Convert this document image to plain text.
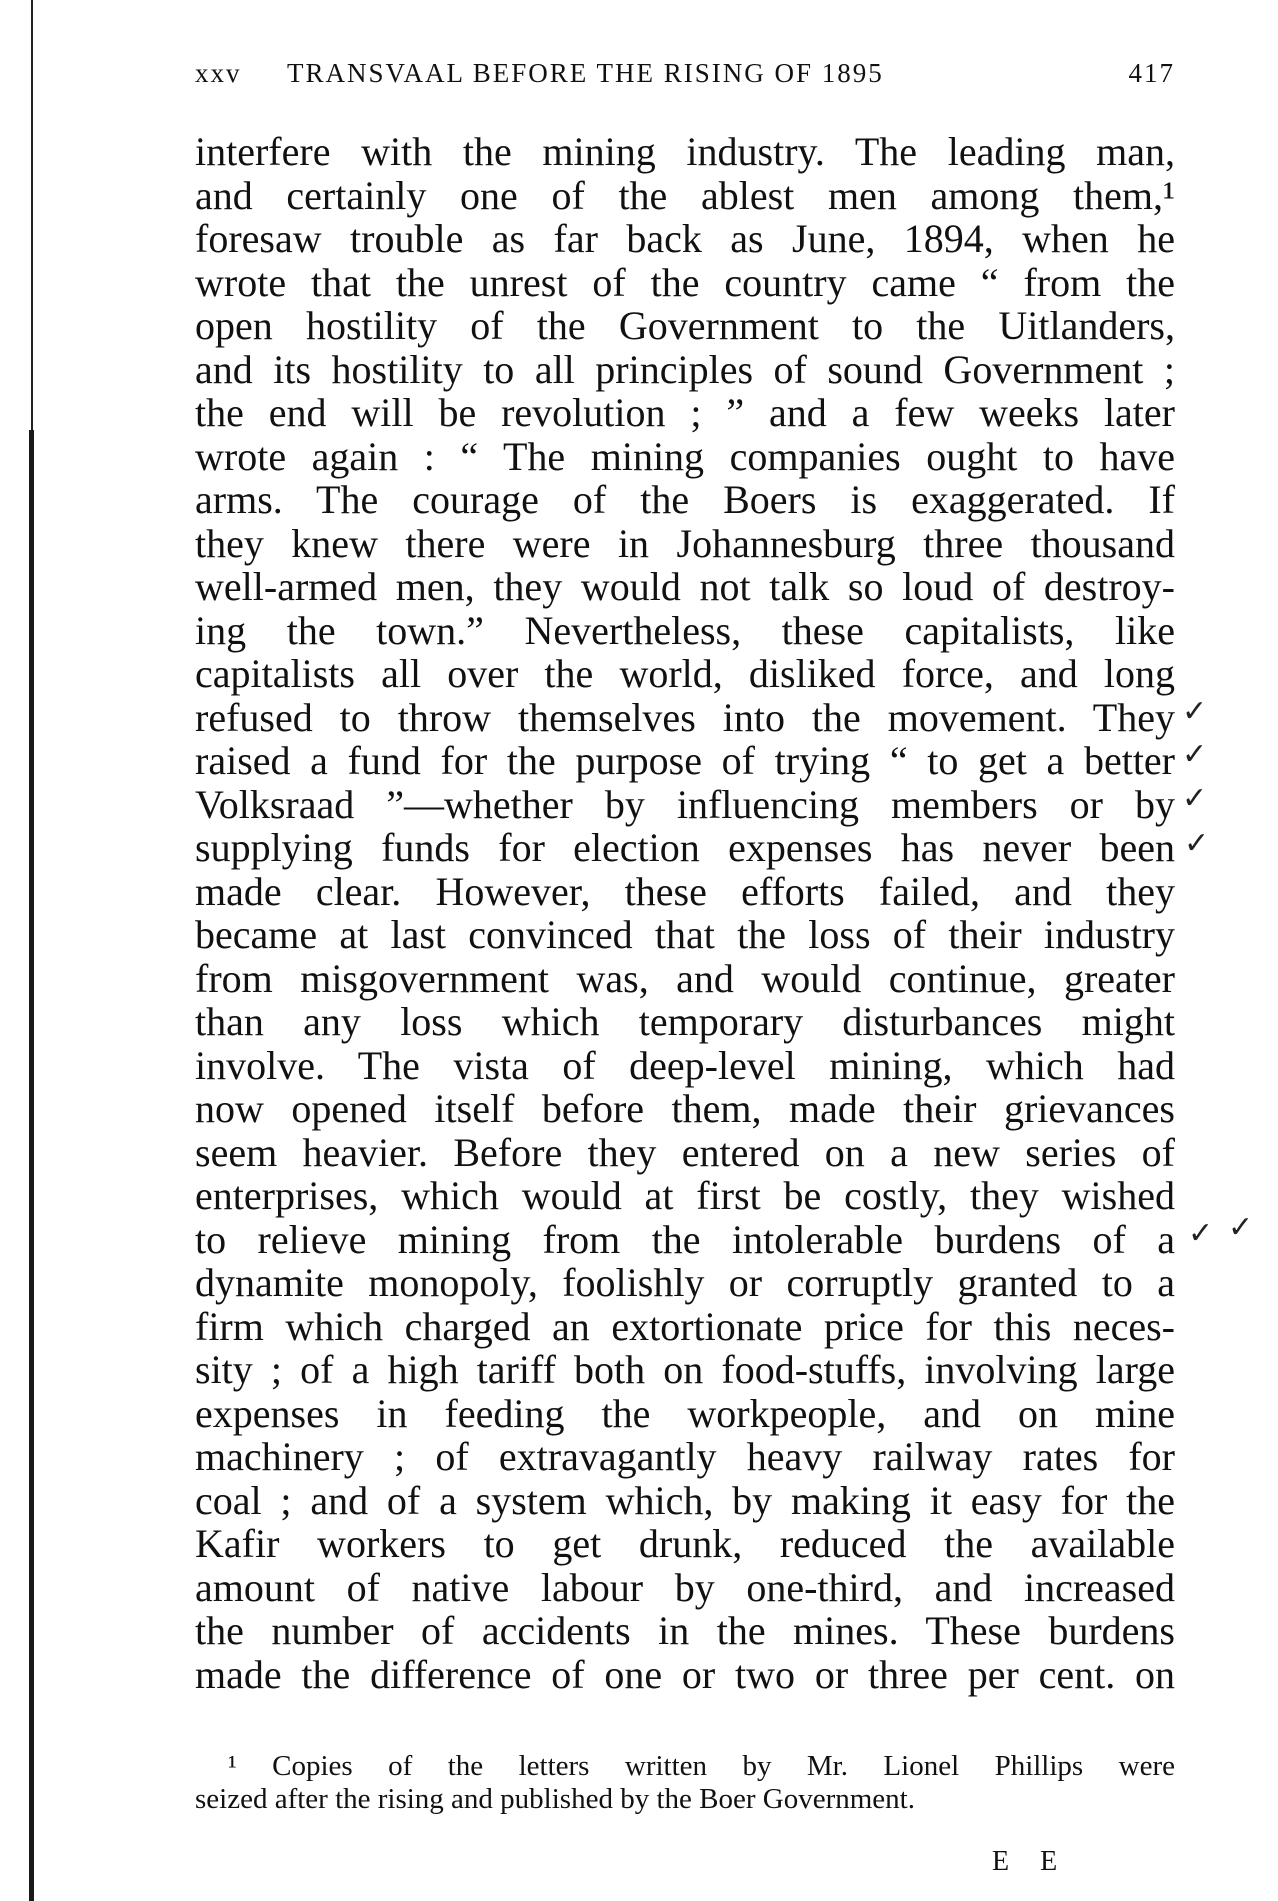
xxv TRANSVAAL BEFORE THE RISING OF 1895	417
interfere with the mining industry. The leading man,
and certainly one of the ablest men among them,¹
foresaw trouble as far back as June, 1894, when he
wrote that the unrest of the country came “ from the
open hostility of the Government to the Uitlanders,
and its hostility to all principles of sound Government ;
the end will be revolution ; ” and a few weeks later
wrote again : “ The mining companies ought to have
arms. The courage of the Boers is exaggerated. If
they knew there were in Johannesburg three thousand
well-armed men, they would not talk so loud of destroy-
ing the town.” Nevertheless, these capitalists, like
capitalists all over the world, disliked force, and long
refused to throw themselves into the movement. They
raised a fund for the purpose of trying “ to get a better
Volksraad ”—whether by influencing members or by
supplying funds for election expenses has never been
made clear. However, these efforts failed, and they
became at last convinced that the loss of their industry
from misgovernment was, and would continue, greater
than any loss which temporary disturbances might
involve. The vista of deep-level mining, which had
now opened itself before them, made their grievances
seem heavier. Before they entered on a new series of
enterprises, which would at first be costly, they wished
to relieve mining from the intolerable burdens of a
dynamite monopoly, foolishly or corruptly granted to a
firm which charged an extortionate price for this neces-
sity ; of a high tariff both on food-stuffs, involving large
expenses in feeding the workpeople, and on mine
machinery ; of extravagantly heavy railway rates for
coal ; and of a system which, by making it easy for the
Kafir workers to get drunk, reduced the available
amount of native labour by one-third, and increased
the number of accidents in the mines. These burdens
made the difference of one or two or three per cent. on
✓
✓
✓
✓
✓ ✓
¹ Copies of the letters written by Mr. Lionel Phillips were
seized after the rising and published by the Boer Government.
E E
